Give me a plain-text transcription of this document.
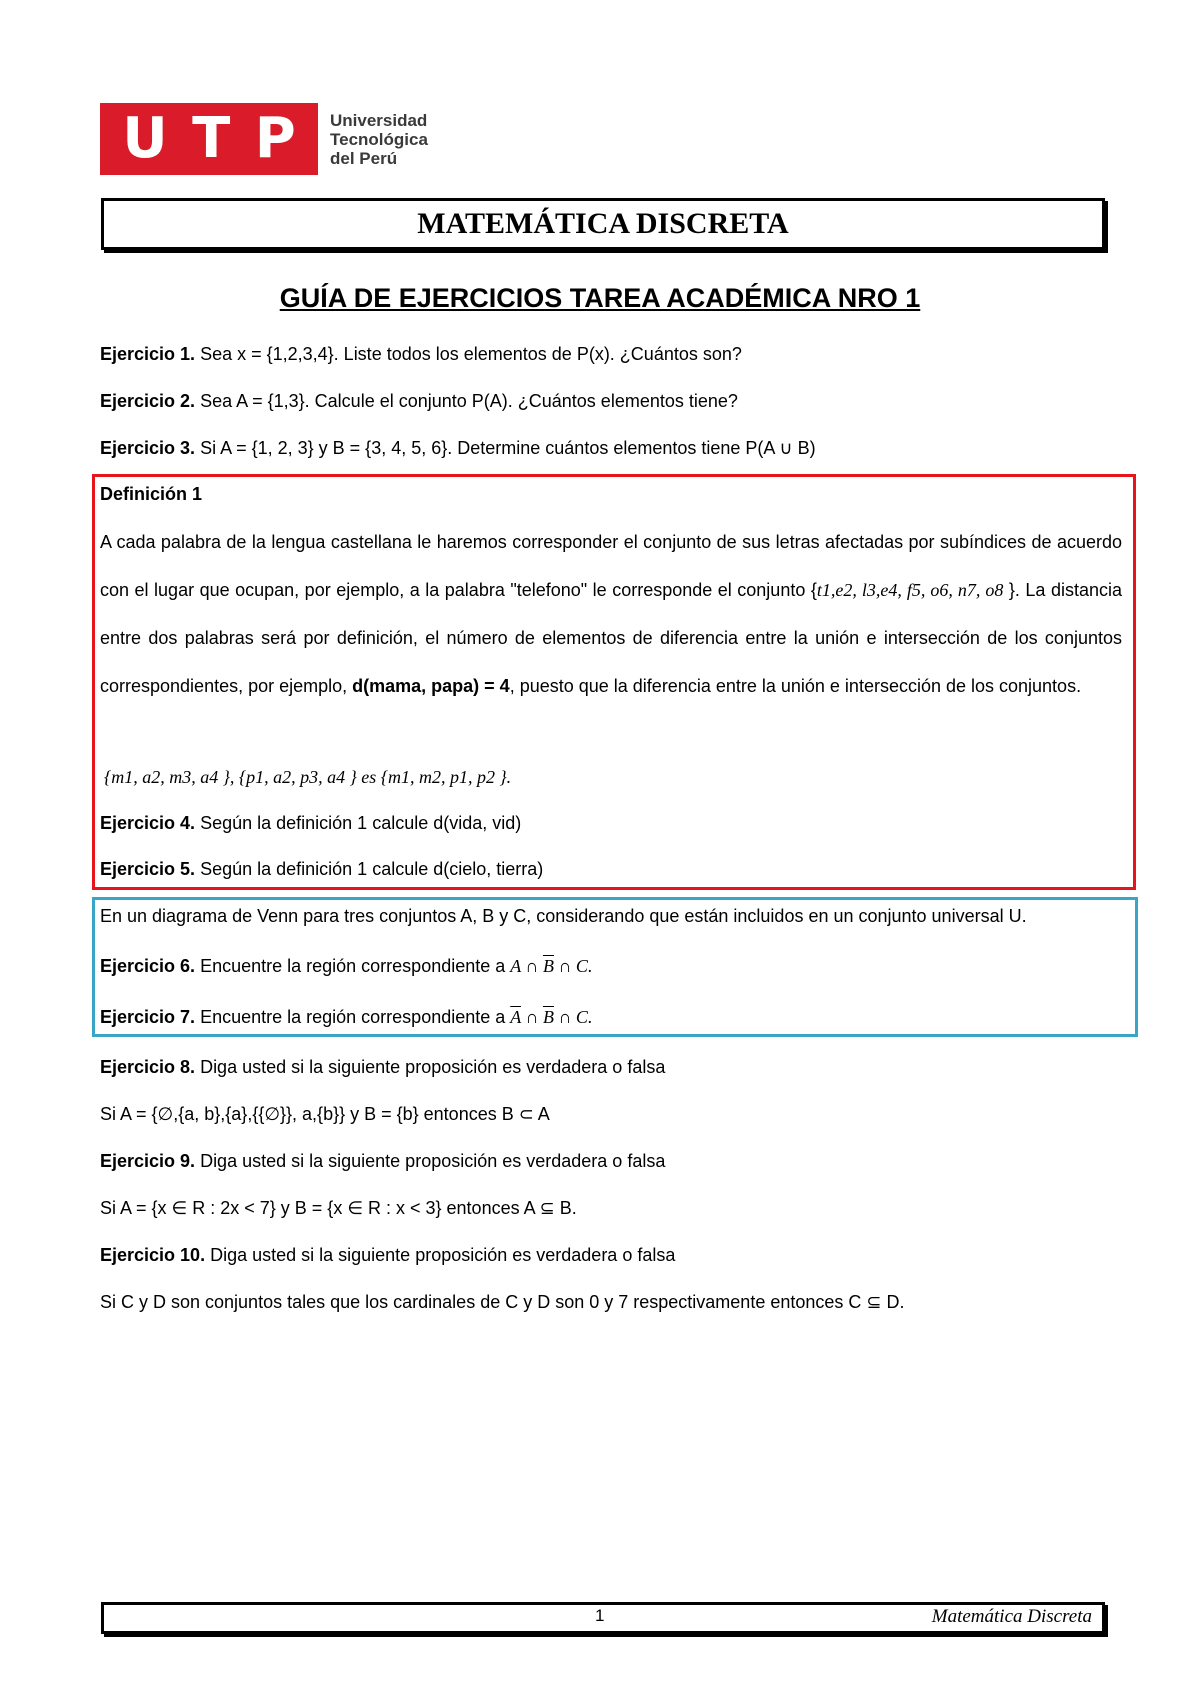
U T P Universidad
Tecnológica
del Perú
MATEMÁTICA DISCRETA
GUÍA DE EJERCICIOS TAREA ACADÉMICA NRO 1
Ejercicio 1. Sea x = {1,2,3,4}. Liste todos los elementos de P(x). ¿Cuántos son?
Ejercicio 2. Sea A = {1,3}. Calcule el conjunto P(A). ¿Cuántos elementos tiene?
Ejercicio 3. Si A = {1, 2, 3} y B = {3, 4, 5, 6}. Determine cuántos elementos tiene P(A ∪ B)
Definición 1
A cada palabra de la lengua castellana le haremos corresponder el conjunto de sus letras afectadas por subíndices de acuerdo con el lugar que ocupan, por ejemplo, a la palabra "telefono" le corresponde el conjunto {t1,e2, l3,e4, f5, o6, n7, o8 }. La distancia entre dos palabras será por definición, el número de elementos de diferencia entre la unión e intersección de los conjuntos correspondientes, por ejemplo, d(mama, papa) = 4, puesto que la diferencia entre la unión e intersección de los conjuntos.
{m1, a2, m3, a4 }, {p1, a2, p3, a4 } es {m1, m2, p1, p2 }.
Ejercicio 4. Según la definición 1 calcule d(vida, vid)
Ejercicio 5. Según la definición 1 calcule d(cielo, tierra)
En un diagrama de Venn para tres conjuntos A, B y C, considerando que están incluidos en un conjunto universal U.
Ejercicio 6. Encuentre la región correspondiente a A ∩ $\overline{B}$ ∩ C.
Ejercicio 7. Encuentre la región correspondiente a $\overline{A}$ ∩ $\overline{B}$ ∩ C.
Ejercicio 8. Diga usted si la siguiente proposición es verdadera o falsa
Si A = {∅,{a, b},{a},{{∅}}, a,{b}} y B = {b} entonces B ⊂ A
Ejercicio 9. Diga usted si la siguiente proposición es verdadera o falsa
Si A = {x ∈ R : 2x < 7} y B = {x ∈ R : x < 3} entonces A ⊆ B.
Ejercicio 10. Diga usted si la siguiente proposición es verdadera o falsa
Si C y D son conjuntos tales que los cardinales de C y D son 0 y 7 respectivamente entonces C ⊆ D.
1	Matemática Discreta
